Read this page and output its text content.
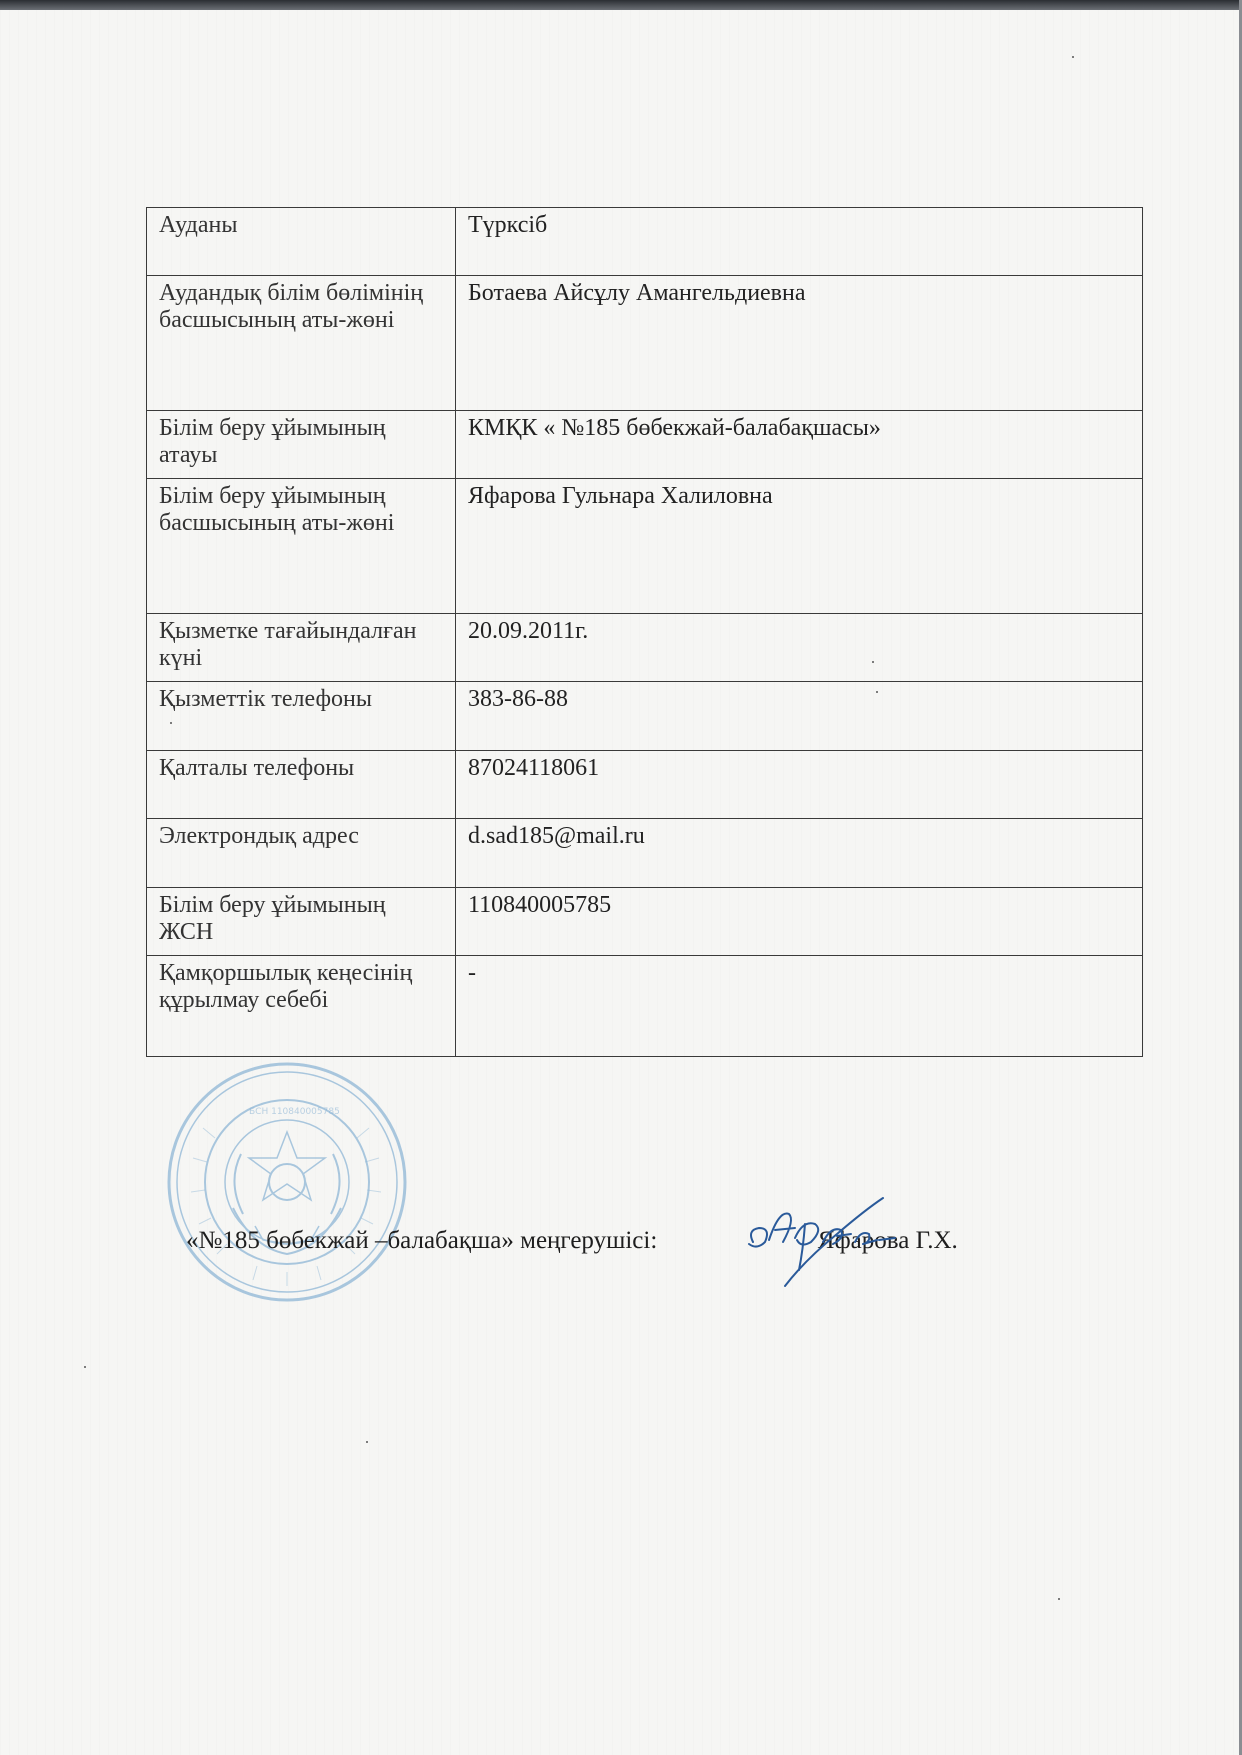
Ауданы	Түрксіб
Аудандық білім бөлімінің басшысының аты-жөні	Ботаева Айсұлу Амангельдиевна
Білім беру ұйымының атауы	КМҚК « №185 бөбекжай-балабақшасы»
Білім беру ұйымының басшысының аты-жөні	Яфарова Гульнара Халиловна
Қызметке тағайындалған күні	20.09.2011г.
Қызметтік телефоны	383-86-88
Қалталы телефоны	87024118061
Электрондық адрес	d.sad185@mail.ru
Білім беру ұйымының ЖСН	110840005785
Қамқоршылық кеңесінің құрылмау себебі	-
БСН 110840005785
«№185 бөбекжай –балабақша» меңгерушісі:	Яфарова Г.Х.
